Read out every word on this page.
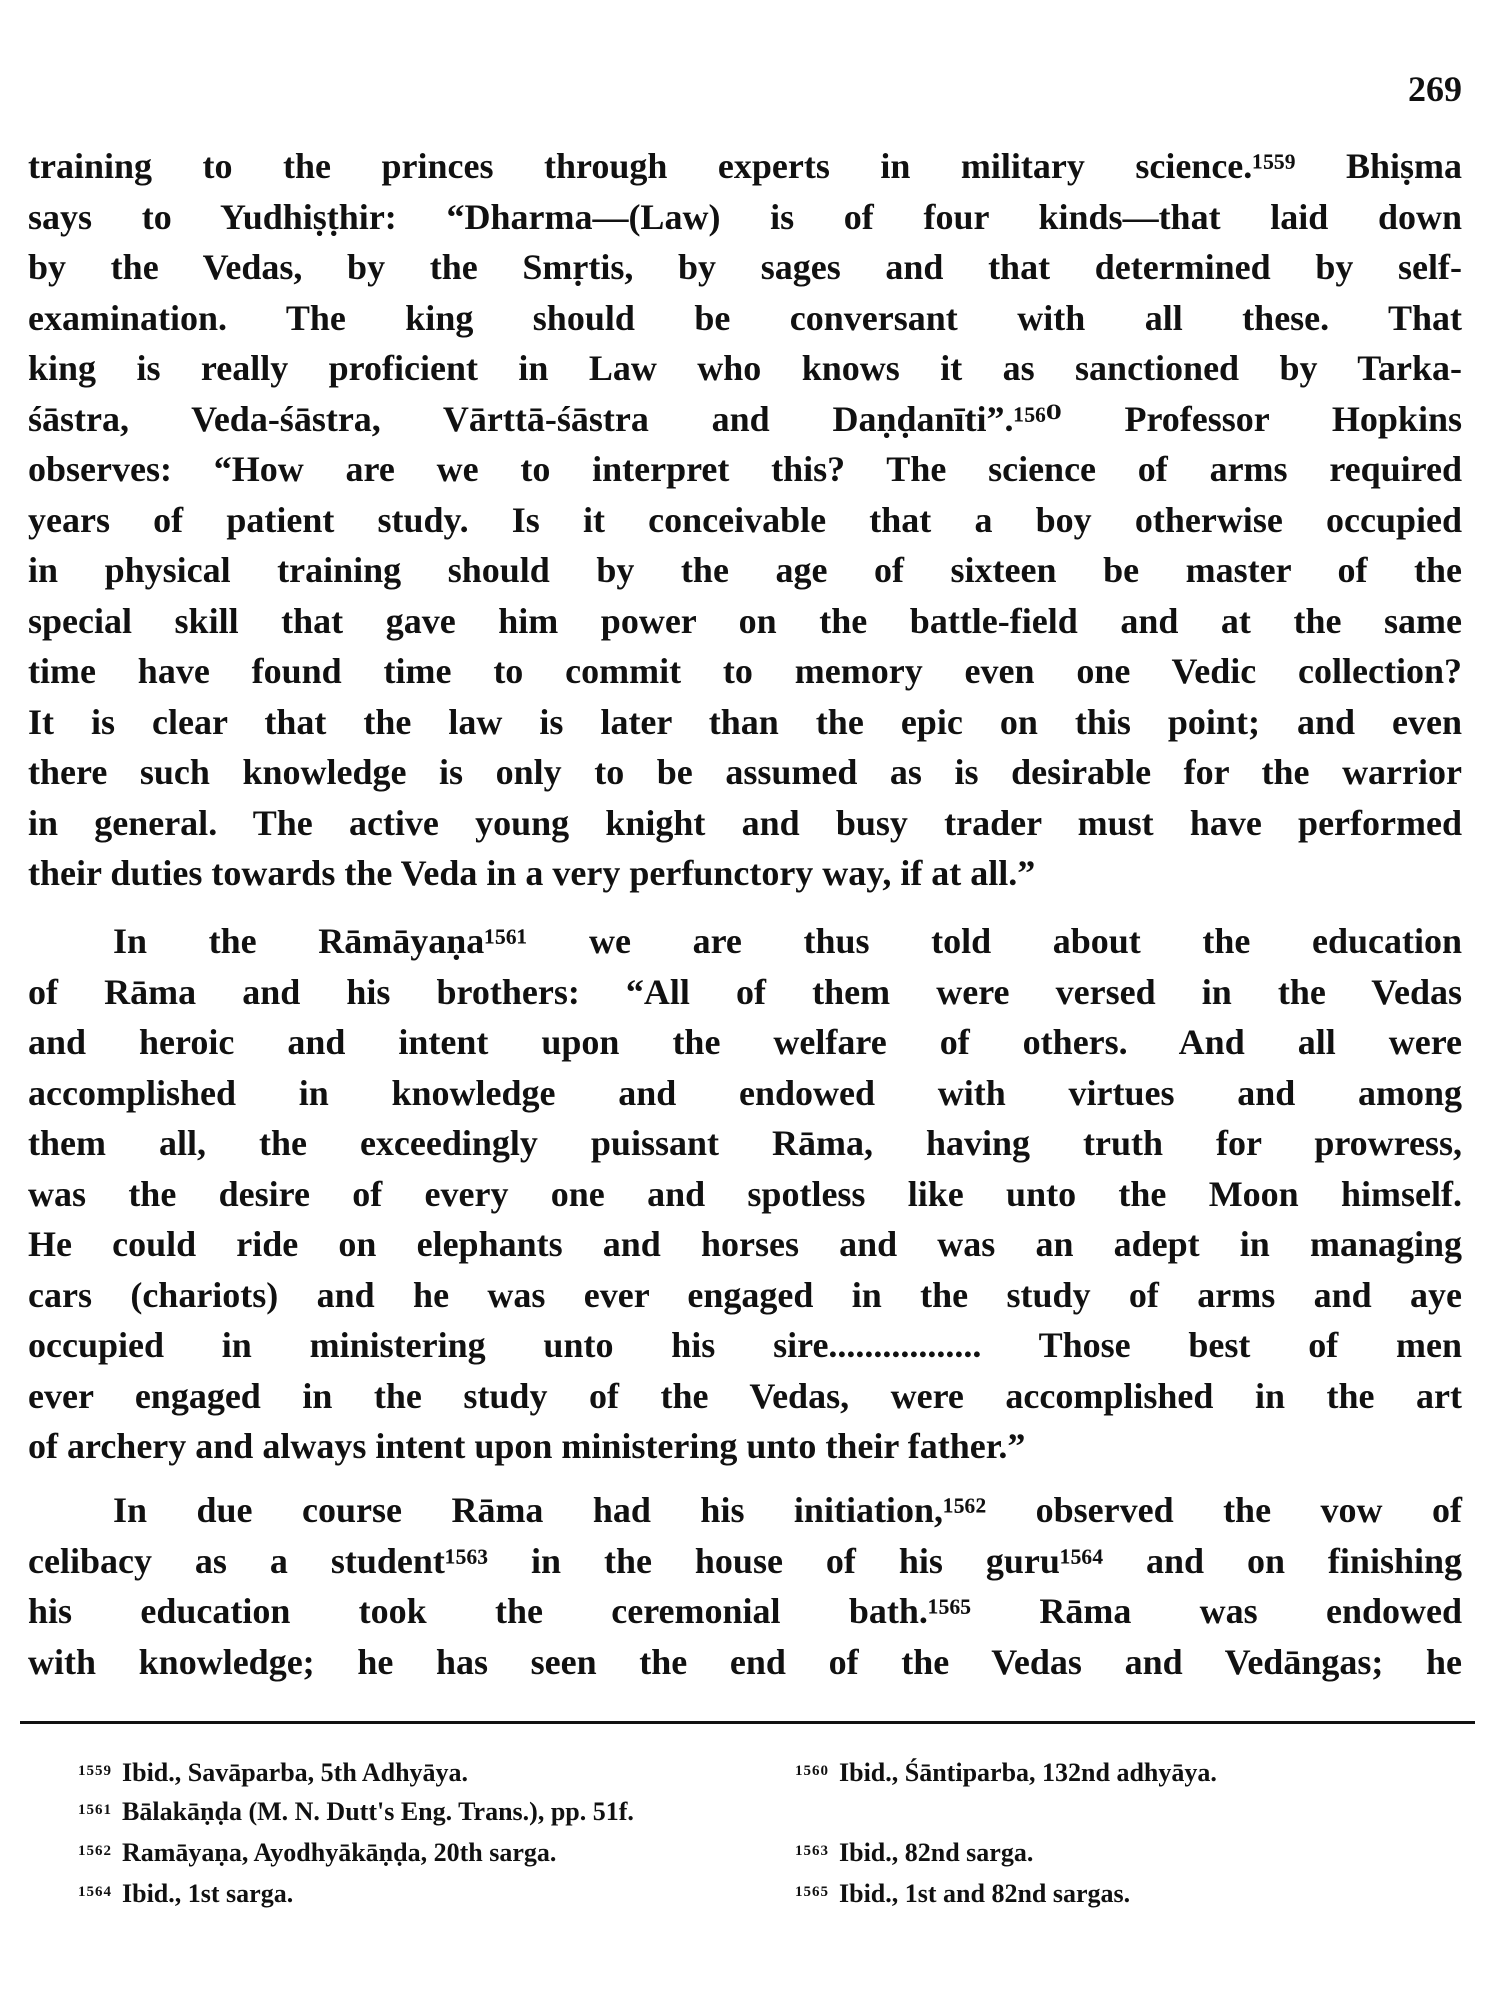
269
training to the princes through experts in military science.¹⁵⁵⁹ Bhiṣma
says to Yudhiṣṭhir: “Dharma—(Law) is of four kinds—that laid down
by the Vedas, by the Smṛtis, by sages and that determined by self-
examination. The king should be conversant with all these. That
king is really proficient in Law who knows it as sanctioned by Tarka-
śāstra, Veda-śāstra, Vārttā-śāstra and Daṇḍanīti”.¹⁵⁶⁰ Professor Hopkins
observes: “How are we to interpret this? The science of arms required
years of patient study. Is it conceivable that a boy otherwise occupied
in physical training should by the age of sixteen be master of the
special skill that gave him power on the battle-field and at the same
time have found time to commit to memory even one Vedic collection?
It is clear that the law is later than the epic on this point; and even
there such knowledge is only to be assumed as is desirable for the warrior
in general. The active young knight and busy trader must have performed
their duties towards the Veda in a very perfunctory way, if at all.”
In the Rāmāyaṇa¹⁵⁶¹ we are thus told about the education
of Rāma and his brothers: “All of them were versed in the Vedas
and heroic and intent upon the welfare of others. And all were
accomplished in knowledge and endowed with virtues and among
them all, the exceedingly puissant Rāma, having truth for prowress,
was the desire of every one and spotless like unto the Moon himself.
He could ride on elephants and horses and was an adept in managing
cars (chariots) and he was ever engaged in the study of arms and aye
occupied in ministering unto his sire................. Those best of men
ever engaged in the study of the Vedas, were accomplished in the art
of archery and always intent upon ministering unto their father.”
In due course Rāma had his initiation,¹⁵⁶² observed the vow of
celibacy as a student¹⁵⁶³ in the house of his guru¹⁵⁶⁴ and on finishing
his education took the ceremonial bath.¹⁵⁶⁵ Rāma was endowed
with knowledge; he has seen the end of the Vedas and Vedāngas; he
$^{1559}$ Ibid., Savāparba, 5th Adhyāya.	$^{1560}$ Ibid., Śāntiparba, 132nd adhyāya.
$^{1561}$ Bālakāṇḍa (M. N. Dutt's Eng. Trans.), pp. 51f.
$^{1562}$ Ramāyaṇa, Ayodhyākāṇḍa, 20th sarga.	$^{1563}$ Ibid., 82nd sarga.
$^{1564}$ Ibid., 1st sarga.	$^{1565}$ Ibid., 1st and 82nd sargas.
